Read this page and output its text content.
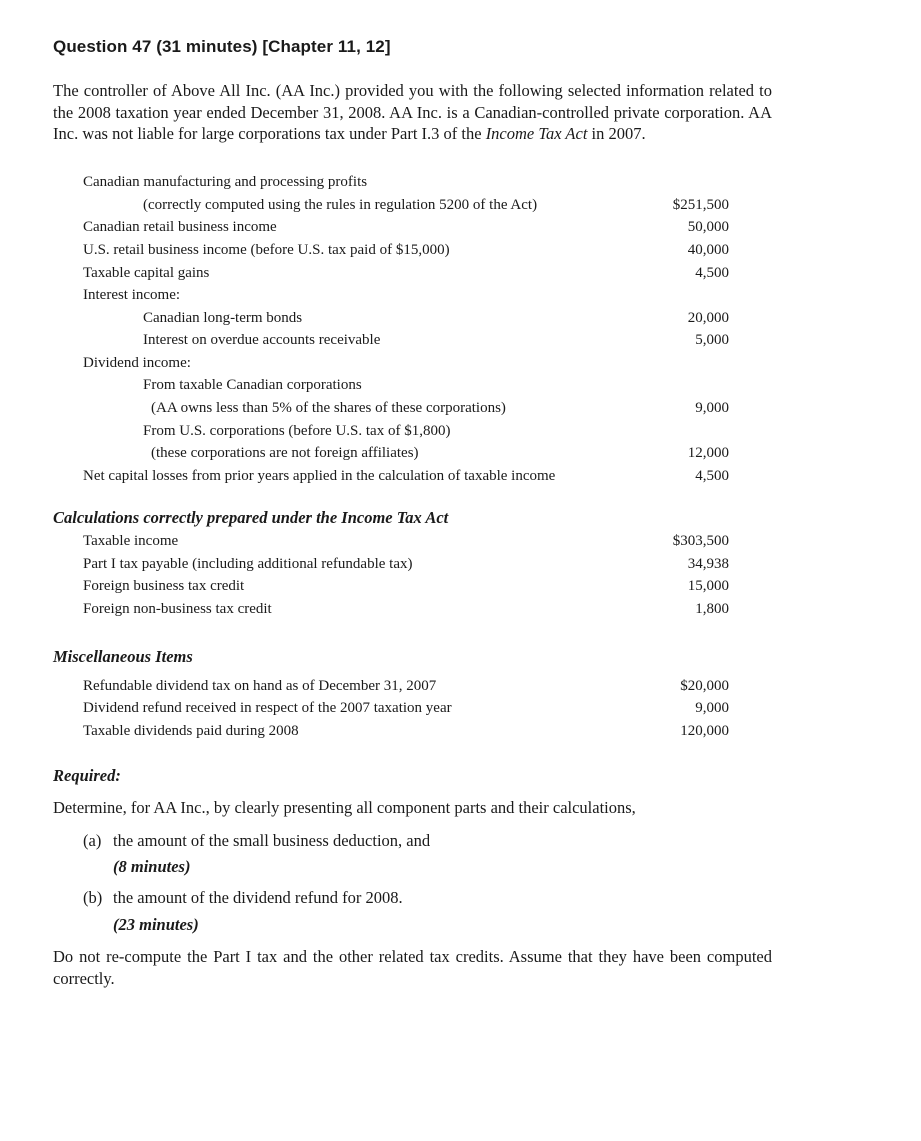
Question 47 (31 minutes) [Chapter 11, 12]
The controller of Above All Inc. (AA Inc.) provided you with the following selected information related to the 2008 taxation year ended December 31, 2008. AA Inc. is a Canadian-controlled private corporation. AA Inc. was not liable for large corporations tax under Part I.3 of the Income Tax Act in 2007.
Canadian manufacturing and processing profits
(correctly computed using the rules in regulation 5200 of the Act)	$251,500
Canadian retail business income	50,000
U.S. retail business income (before U.S. tax paid of $15,000)	40,000
Taxable capital gains	4,500
Interest income:
Canadian long-term bonds	20,000
Interest on overdue accounts receivable	5,000
Dividend income:
From taxable Canadian corporations
(AA owns less than 5% of the shares of these corporations)	9,000
From U.S. corporations (before U.S. tax of $1,800)
(these corporations are not foreign affiliates)	12,000
Net capital losses from prior years applied in the calculation of taxable income	4,500
Calculations correctly prepared under the Income Tax Act
Taxable income	$303,500
Part I tax payable (including additional refundable tax)	34,938
Foreign business tax credit	15,000
Foreign non-business tax credit	1,800
Miscellaneous Items
Refundable dividend tax on hand as of December 31, 2007	$20,000
Dividend refund received in respect of the 2007 taxation year	9,000
Taxable dividends paid during 2008	120,000
Required:
Determine, for AA Inc., by clearly presenting all component parts and their calculations,
(a) the amount of the small business deduction, and
(8 minutes)
(b) the amount of the dividend refund for 2008.
(23 minutes)
Do not re-compute the Part I tax and the other related tax credits. Assume that they have been computed correctly.
